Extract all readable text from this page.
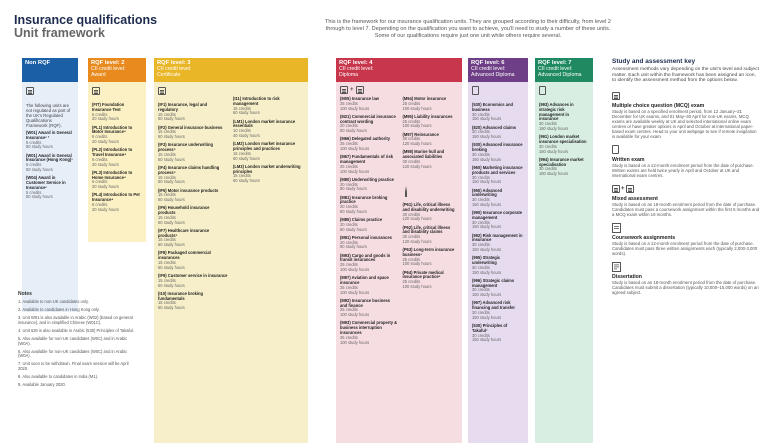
Insurance qualifications
Unit framework
This is the framework for our insurance qualification units. They are grouped according to their difficulty, from level 2 through to level 7. Depending on the qualification you want to achieve, you'll need to study a number of these units. Some of our qualifications require just one unit while others require several.
Non RQF
The following units are not regulated as part of the UK's Regulated Qualifications Framework (RQF).
(W01) Award in General Insurance¹ ²
5 credits
50 study hours
(W01) Award in General Insurance (Hong Kong)³
5 credits
50 study hours
(W04) Award in Customer Service in Insurance¹
5 credits
50 study hours
RQF level: 2
CII credit level:
Award
(FIT) Foundation Insurance Test
6 credits
20 study hours
(PL1) Introduction to Motor Insurance⁴
6 credits
20 study hours
(PL2) Introduction to Travel Insurance⁴
6 credits
20 study hours
(PL3) Introduction to Home Insurance⁴
6 credits
20 study hours
(PL4) Introduction to Pet Insurance⁴
6 credits
20 study hours
RQF level: 3
CII credit level:
Certificate
(IF1) Insurance, legal and regulatory
15 credits
60 study hours
(IF2) General insurance business
15 credits
60 study hours
(IF3) Insurance underwriting process⁵
15 credits
60 study hours
(IF4) Insurance claims handling process⁵
15 credits
60 study hours
(IF5) Motor insurance products
15 credits
60 study hours
(IF6) Household insurance products
15 credits
60 study hours
(IF7) Healthcare insurance products⁵
15 credits
60 study hours
(IF8) Packaged commercial insurances
15 credits
60 study hours
(IF9) Customer service in insurance
15 credits
60 study hours
(I10) Insurance broking fundamentals
15 credits
60 study hours
(I11) Introduction to risk management
15 credits
60 study hours
(LM1) London market insurance essentials
10 credits
40 study hours
(LM2) London market insurance principles and practices
15 credits
60 study hours
(LM3) London market underwriting principles
15 credits
60 study hours
RQF level: 4
CII credit level:
Diploma
+
(M05) Insurance law
25 credits
100 study hours
(M21) Commercial insurance contract wording
20 credits
80 study hours
(M66) Delegated authority
25 credits
100 study hours
(M67) Fundamentals of risk management
25 credits
100 study hours
(M80) Underwriting practice
20 credits
80 study hours
(M81) Insurance broking practice
20 credits
80 study hours
(M85) Claims practice
20 credits
80 study hours
(M91) Personal insurances
20 credits
80 study hours
(M93) Cargo and goods in transit insurances
25 credits
100 study hours
(M97) Aviation and space insurance
25 credits
100 study hours
(M92) Insurance business and finance
25 credits
100 study hours
(M93) Commercial property & business interruption insurances
25 credits
100 study hours
(M94) Motor insurance
25 credits
100 study hours
(M95) Liability insurances
25 credits
100 study hours
(M97) Reinsurance
30 credits
120 study hours
(M98) Marine hull and associated liabilities
30 credits
120 study hours
(P61) Life, critical illness and disability underwriting
30 credits
120 study hours
(P62) Life, critical illness and disability claims
30 credits
120 study hours
(P63) Long-term insurance business⁶
25 credits
100 study hours
(P64) Private medical insurance practice⁶
25 credits
100 study hours
RQF level: 6
CII credit level:
Advanced Diploma
(530) Economics and business
30 credits
150 study hours
(820) Advanced claims
30 credits
150 study hours
(930) Advanced insurance broking
30 credits
150 study hours
(960) Marketing insurance products and services
30 credits
150 study hours
(950) Advanced underwriting
30 credits
150 study hours
(990) Insurance corporate management
30 credits
150 study hours
(992) Risk management in insurance
30 credits
150 study hours
(995) Strategic underwriting
30 credits
150 study hours
(996) Strategic claims management
30 credits
150 study hours
(997) Advanced risk financing and transfer
30 credits
150 study hours
(530) Principles of Takaful⁷
30 credits
150 study hours
RQF level: 7
CII credit level:
Advanced Diploma
(993) Advances in strategic risk management in insurance
30 credits
180 study hours
(991) London market insurance specialisation
30 credits
180 study hours
(994) Insurance market specialisation
30 credits
180 study hours
Notes
1. Available to non-UK candidates only.
2. Available to candidates in Hong Kong only.
3. Unit W01 is also available in Arabic (W02) (based on general insurance), and in simplified Chinese (W01C).
4. Unit 530 is also available in Arabic (530) Principles of Takaful.
5. Also available for non-UK candidates (W0C) and in Arabic (W0A).
6. Also available for non-UK candidates (W0C) and in Arabic (W0A).
7. Unit soon to be withdrawn. Final exam session will be April 2020.
8. Also available to candidates in India (M1).
9. Available January 2020.
Study and assessment key
Assessment methods vary depending on the unit's level and subject matter. Each unit within the framework has been assigned an icon, to identify the assessment method from the options below.
Multiple choice question (MCQ) exam
Study is based on a specified enrolment period, from 12 January–31 December for UK exams, and 01 May–30 April for non-UK exams. MCQ exams are available weekly at UK and selected international online exam centres or have greater options in April and October at international paper-based exam centres. Head to your unit webpage to see if remote invigilation is available for your exam.
Written exam
Study is based on a 12-month enrolment period from the date of purchase. Written exams are held twice yearly in April and October at UK and international exam centres.
+
Mixed assessment
Study is based on an 18-month enrolment period from the date of purchase. Candidates must pass a coursework assignment within the first 6 months and a MCQ exam within 18 months.
Coursework assignments
Study is based on a 12-month enrolment period from the date of purchase. Candidates must pass three written assignments each (typically 2,000-3,000 words).
Dissertation
Study is based on an 18-month enrolment period from the date of purchase. Candidates must submit a dissertation (typically 10,000–15,000 words) on an agreed subject.
